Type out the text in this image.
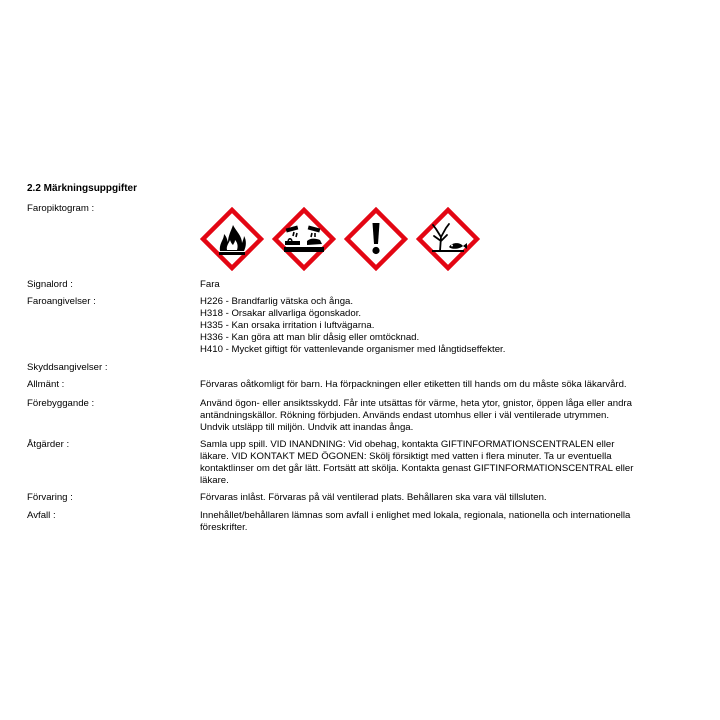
2.2 Märkningsuppgifter
Faropiktogram :
Signalord :	Fara
Faroangivelser :	H226 - Brandfarlig vätska och ånga.
H318 - Orsakar allvarliga ögonskador.
H335 - Kan orsaka irritation i luftvägarna.
H336 - Kan göra att man blir dåsig eller omtöcknad.
H410 - Mycket giftigt för vattenlevande organismer med långtidseffekter.
Skyddsangivelser :
Allmänt :	Förvaras oåtkomligt för barn. Ha förpackningen eller etiketten till hands om du måste söka läkarvård.
Förebyggande :	Använd ögon- eller ansiktsskydd. Får inte utsättas för värme, heta ytor, gnistor, öppen låga eller andra
antändningskällor. Rökning förbjuden. Används endast utomhus eller i väl ventilerade utrymmen.
Undvik utsläpp till miljön. Undvik att inandas ånga.
Åtgärder :	Samla upp spill. VID INANDNING: Vid obehag, kontakta GIFTINFORMATIONSCENTRALEN eller
läkare. VID KONTAKT MED ÖGONEN: Skölj försiktigt med vatten i flera minuter. Ta ur eventuella
kontaktlinser om det går lätt. Fortsätt att skölja. Kontakta genast GIFTINFORMATIONSCENTRAL eller
läkare.
Förvaring :	Förvaras inlåst. Förvaras på väl ventilerad plats. Behållaren ska vara väl tillsluten.
Avfall :	Innehållet/behållaren lämnas som avfall i enlighet med lokala, regionala, nationella och internationella
föreskrifter.
